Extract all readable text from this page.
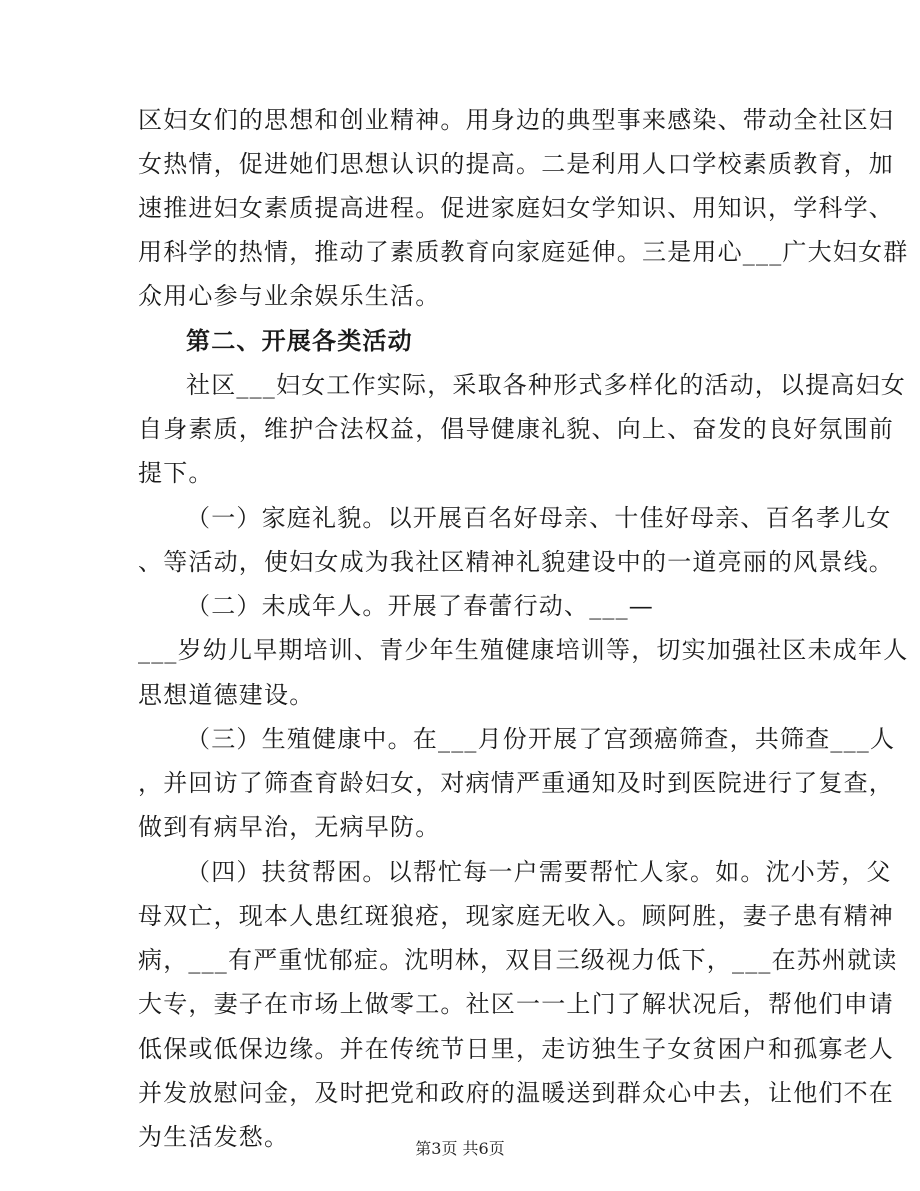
区妇女们的思想和创业精神。用身边的典型事来感染、带动全社区妇
女热情，促进她们思想认识的提高。二是利用人口学校素质教育，加
速推进妇女素质提高进程。促进家庭妇女学知识、用知识，学科学、
用科学的热情，推动了素质教育向家庭延伸。三是用心___广大妇女群
众用心参与业余娱乐生活。
第二、开展各类活动
社区___妇女工作实际，采取各种形式多样化的活动，以提高妇女
自身素质，维护合法权益，倡导健康礼貌、向上、奋发的良好氛围前
提下。
（一）家庭礼貌。以开展百名好母亲、十佳好母亲、百名孝儿女
、等活动，使妇女成为我社区精神礼貌建设中的一道亮丽的风景线。
（二）未成年人。开展了春蕾行动、___—
___岁幼儿早期培训、青少年生殖健康培训等，切实加强社区未成年人
思想道德建设。
（三）生殖健康中。在___月份开展了宫颈癌筛查，共筛查___人
，并回访了筛查育龄妇女，对病情严重通知及时到医院进行了复查，
做到有病早治，无病早防。
（四）扶贫帮困。以帮忙每一户需要帮忙人家。如。沈小芳，父
母双亡，现本人患红斑狼疮，现家庭无收入。顾阿胜，妻子患有精神
病，___有严重忧郁症。沈明林，双目三级视力低下，___在苏州就读
大专，妻子在市场上做零工。社区一一上门了解状况后，帮他们申请
低保或低保边缘。并在传统节日里，走访独生子女贫困户和孤寡老人
并发放慰问金，及时把党和政府的温暖送到群众心中去，让他们不在
为生活发愁。	第3页 共6页
